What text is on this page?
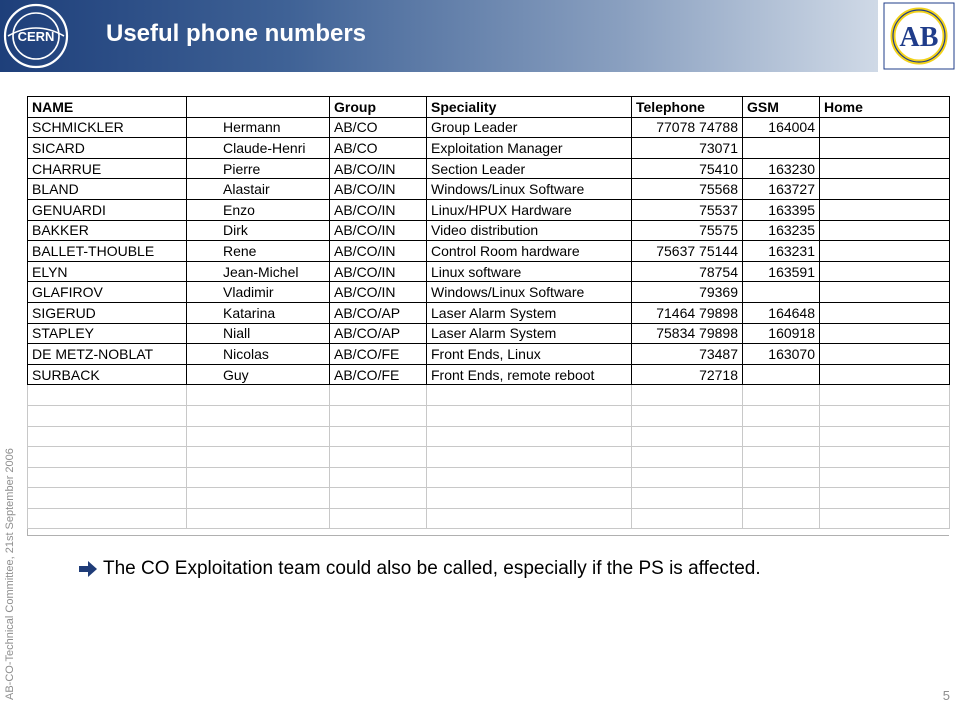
CERN Useful phone numbers	AB
AB-CO-Technical Committee, 21st September 2006
NAME		Group	Speciality	Telephone	GSM	Home
SCHMICKLER	Hermann	AB/CO	Group Leader	77078 74788	164004	
SICARD	Claude-Henri	AB/CO	Exploitation Manager	73071		
CHARRUE	Pierre	AB/CO/IN	Section Leader	75410	163230	
BLAND	Alastair	AB/CO/IN	Windows/Linux Software	75568	163727	
GENUARDI	Enzo	AB/CO/IN	Linux/HPUX Hardware	75537	163395	
BAKKER	Dirk	AB/CO/IN	Video distribution	75575	163235	
BALLET-THOUBLE	Rene	AB/CO/IN	Control Room hardware	75637 75144	163231	
ELYN	Jean-Michel	AB/CO/IN	Linux software	78754	163591	
GLAFIROV	Vladimir	AB/CO/IN	Windows/Linux Software	79369		
SIGERUD	Katarina	AB/CO/AP	Laser Alarm System	71464 79898	164648	
STAPLEY	Niall	AB/CO/AP	Laser Alarm System	75834 79898	160918	
DE METZ-NOBLAT	Nicolas	AB/CO/FE	Front Ends, Linux	73487	163070	
SURBACK	Guy	AB/CO/FE	Front Ends, remote reboot	72718		

The CO Exploitation team could also be called, especially if the PS is affected.
5
